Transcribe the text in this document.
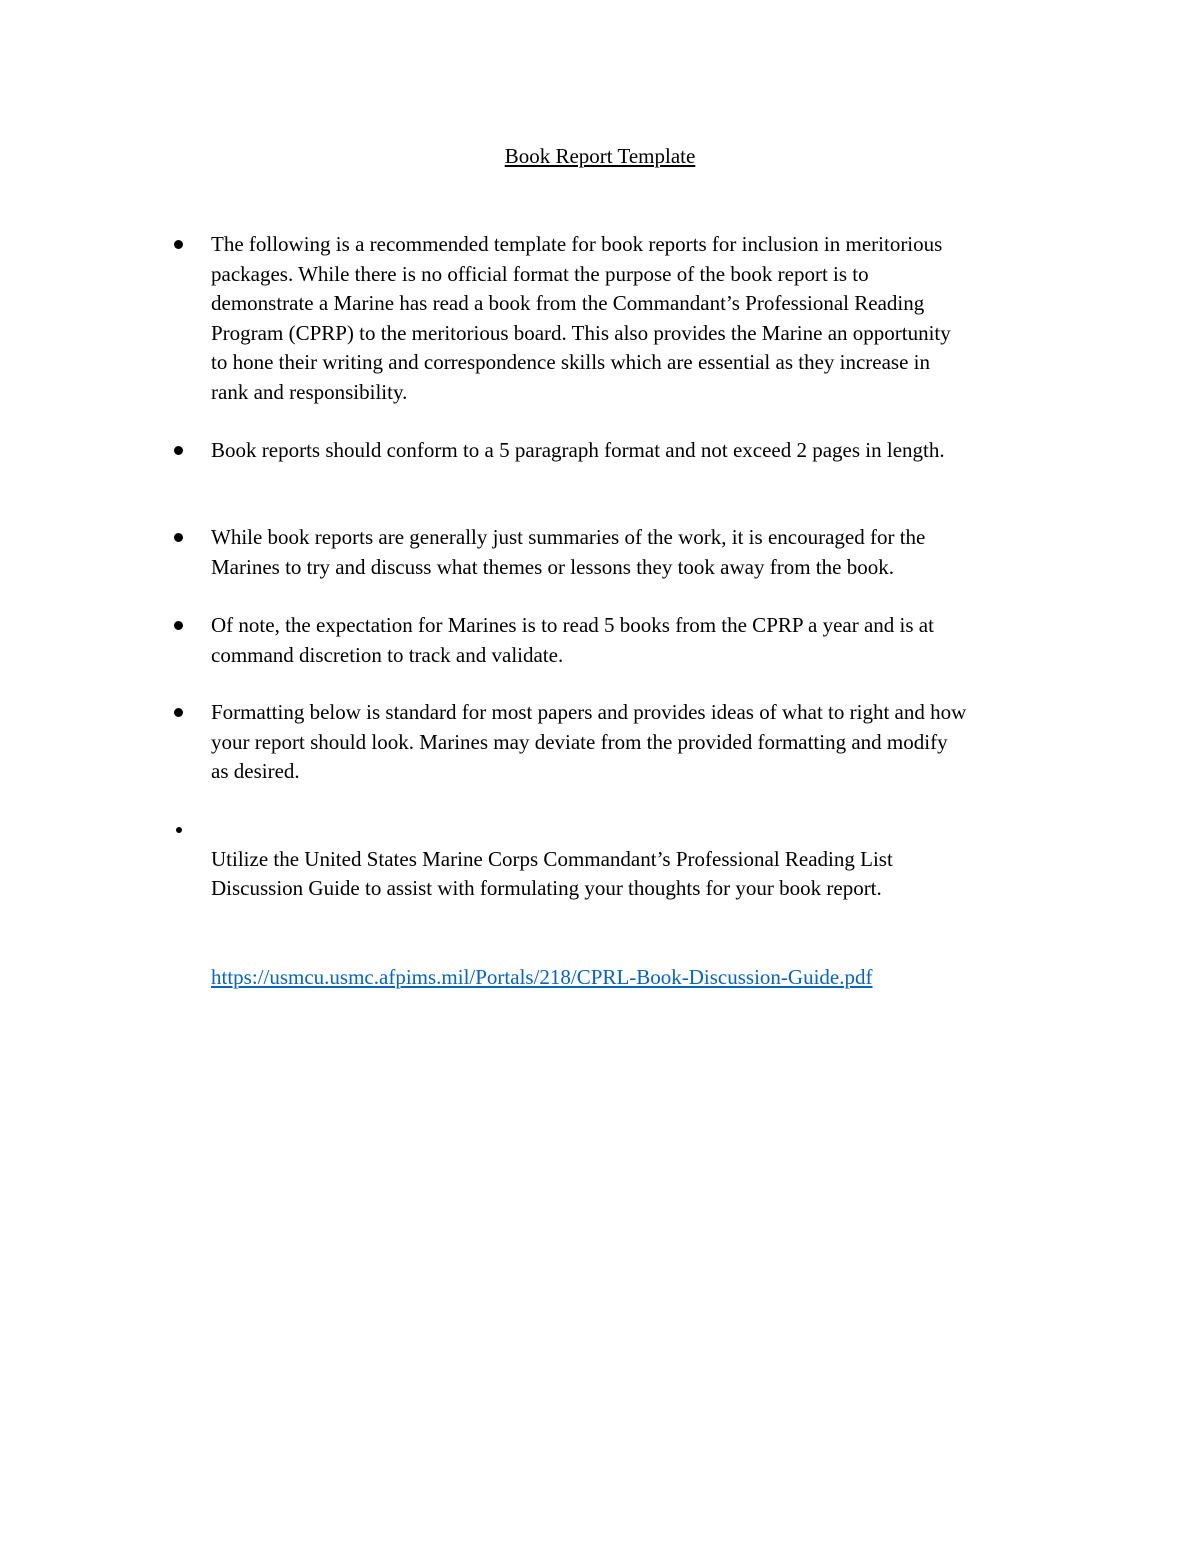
Book Report Template
The following is a recommended template for book reports for inclusion in meritorious
packages. While there is no official format the purpose of the book report is to
demonstrate a Marine has read a book from the Commandant’s Professional Reading
Program (CPRP) to the meritorious board. This also provides the Marine an opportunity
to hone their writing and correspondence skills which are essential as they increase in
rank and responsibility.
Book reports should conform to a 5 paragraph format and not exceed 2 pages in length.
While book reports are generally just summaries of the work, it is encouraged for the
Marines to try and discuss what themes or lessons they took away from the book.
Of note, the expectation for Marines is to read 5 books from the CPRP a year and is at
command discretion to track and validate.
Formatting below is standard for most papers and provides ideas of what to right and how
your report should look. Marines may deviate from the provided formatting and modify
as desired.

Utilize the United States Marine Corps Commandant’s Professional Reading List
Discussion Guide to assist with formulating your thoughts for your book report.

https://usmcu.usmc.afpims.mil/Portals/218/CPRL-Book-Discussion-Guide.pdf
